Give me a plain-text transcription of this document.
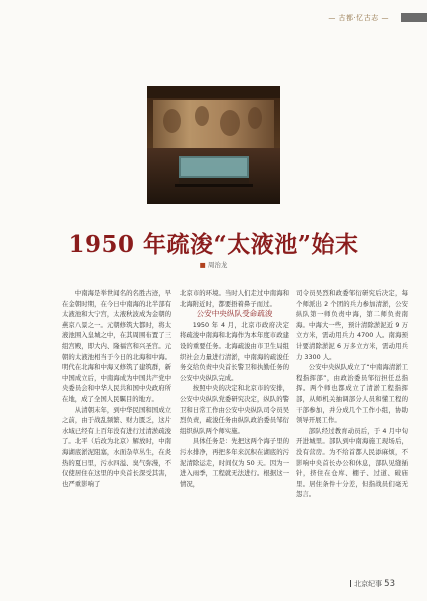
— 古都·忆古志 —
1950 年疏浚“太液池”始末
■ 周治龙

中南海是举世闻名的名胜古迹，早在金朝时期，在今日中南海的北半部有太液池和大宁宫，太液秋波成为金朝的燕京八景之一。元朝修筑大都时，将太液池围入皇城之中，在其周围布置了三组宫殿，即大内、隆福宫和兴圣宫。元朝的太液池相当于今日的北海和中海。明代在北海和中海又修筑了建筑群，新中国成立后，中南海成为中国共产党中央委员会和中华人民共和国中央政府所在地，成了全国人民瞩目的地方。

从清朝末年，到中华民国和国成立之前，由于战乱频繁、财力匮乏，这片水域已经有上百年没有进行过清淤疏浚了。北平（后改为北京）解放时，中南海湖底淤泥阻塞，水面杂草丛生，在炎热的夏日里，污水四溢、臭气弥漫，不仅使居住在这里的中央首长深受其害，也严重影响了

北京市的环境。当时人们走过中南海和北海附近时，都要捂着鼻子而过。

公安中央纵队受命疏浚

1950 年 4 月，北京市政府决定将疏浚中南海和北海作为本年度市政建设的重要任务。北海疏浚由市卫生局组织社会力量进行清淤，中南海的疏浚任务交给负责中央首长警卫和执勤任务的公安中央纵队完成。

按照中央的决定和北京市的安排，公安中央纵队党委研究决定，纵队的警卫和日常工作由公安中央纵队司令员吴烈负责，疏浚任务由纵队政治委员邹衍组织纵队两个师实施。

具体任务是：先把这两个海子里的污水排净，再把多年来沉积在湖底的污泥清除运走，时间仅为 50 天。因为一进入雨季，工程就无法进行。根据这一情况，

司令员吴烈和政委邹衍研究后决定，每个师派出 2 个团的兵力参加清淤，公安纵队第一师负责中海，第二师负责南海。中海大一些，预计清除淤泥近 9 万立方米，需动用兵力 4700 人。南海预计要清除淤泥 6 万多立方米，需动用兵力 3300 人。

公安中央纵队成立了“中南海清淤工程指挥部”，由政治委员邹衍担任总指挥。两个师也都成立了清淤工程指挥部，从师机关抽调部分人员和懂工程的干部参加，并分成几个工作小组，协助领导开展工作。

部队经过教育动员后，于 4 月中旬开进城里。部队到中南海施工现场后，没有营房。为不给首都人民添麻烦，不影响中央首长办公和休息，部队见缝插针，挤住在仓库、棚子、过道、破庙里。居住条件十分差，但指战员们毫无怨言。

北京纪事 53
